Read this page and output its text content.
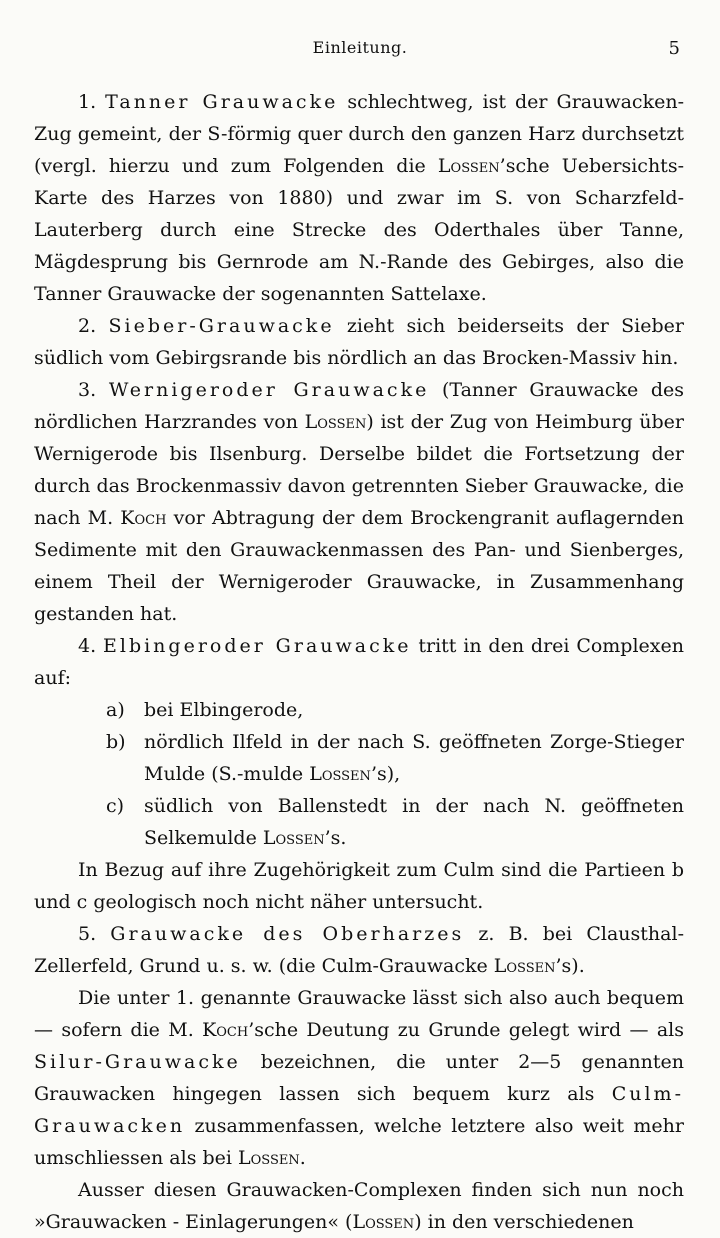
Einleitung.	5

1. Tanner Grauwacke schlechtweg, ist der Grauwacken-Zug gemeint, der S-förmig quer durch den ganzen Harz durchsetzt (vergl. hierzu und zum Folgenden die Lossen’sche Uebersichts-Karte des Harzes von 1880) und zwar im S. von Scharzfeld-Lauterberg durch eine Strecke des Oderthales über Tanne, Mägdesprung bis Gernrode am N.-Rande des Gebirges, also die Tanner Grauwacke der sogenannten Sattelaxe.

2. Sieber-Grauwacke zieht sich beiderseits der Sieber südlich vom Gebirgsrande bis nördlich an das Brocken-Massiv hin.

3. Wernigeroder Grauwacke (Tanner Grauwacke des nördlichen Harzrandes von Lossen) ist der Zug von Heimburg über Wernigerode bis Ilsenburg. Derselbe bildet die Fortsetzung der durch das Brockenmassiv davon getrennten Sieber Grauwacke, die nach M. Koch vor Abtragung der dem Brockengranit auflagernden Sedimente mit den Grauwackenmassen des Pan- und Sienberges, einem Theil der Wernigeroder Grauwacke, in Zusammenhang gestanden hat.

4. Elbingeroder Grauwacke tritt in den drei Complexen auf:

a) bei Elbingerode,

b) nördlich Ilfeld in der nach S. geöffneten Zorge-Stieger Mulde (S.-mulde Lossen’s),

c) südlich von Ballenstedt in der nach N. geöffneten Selkemulde Lossen’s.

In Bezug auf ihre Zugehörigkeit zum Culm sind die Partieen b und c geologisch noch nicht näher untersucht.

5. Grauwacke des Oberharzes z. B. bei Clausthal-Zellerfeld, Grund u. s. w. (die Culm-Grauwacke Lossen’s).

Die unter 1. genannte Grauwacke lässt sich also auch bequem — sofern die M. Koch’sche Deutung zu Grunde gelegt wird — als Silur-Grauwacke bezeichnen, die unter 2—5 genannten Grauwacken hingegen lassen sich bequem kurz als Culm-Grauwacken zusammenfassen, welche letztere also weit mehr umschliessen als bei Lossen.

Ausser diesen Grauwacken-Complexen finden sich nun noch »Grauwacken - Einlagerungen« (Lossen) in den verschiedenen
